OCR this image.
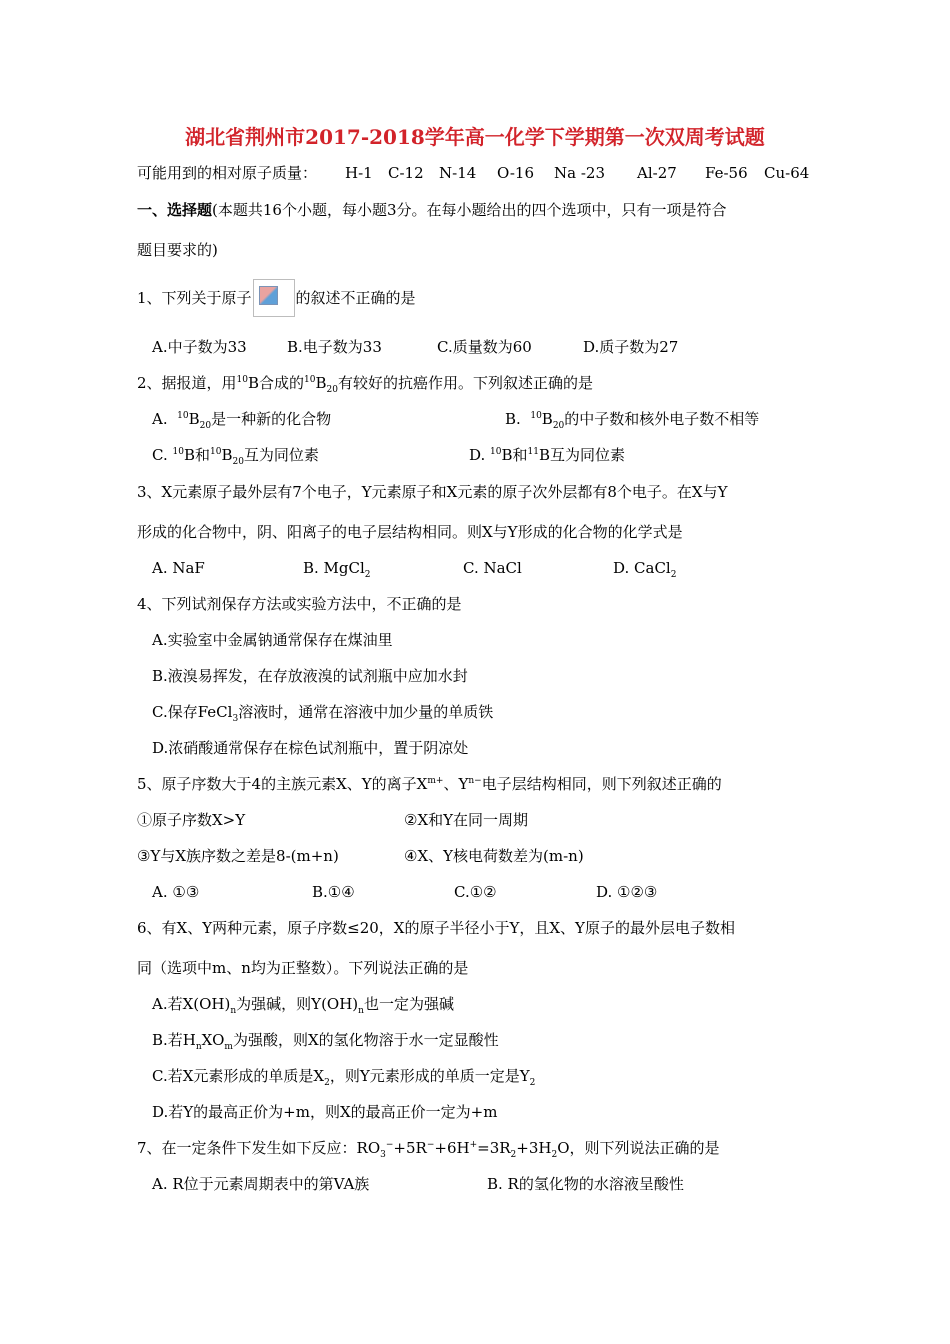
湖北省荆州市2017-2018学年高一化学下学期第一次双周考试题
可能用到的相对原子质量： H-1 C-12 N-14 O-16 Na -23 Al-27 Fe-56 Cu-64
一、选择题(本题共16个小题，每小题3分。在每小题给出的四个选项中，只有一项是符合
题目要求的)
1、下列关于原子	的叙述不正确的是
A.中子数为33	B.电子数为33	C.质量数为60	D.质子数为27
2、据报道，用$^{10}$B合成的$^{10}B_{20}$有较好的抗癌作用。下列叙述正确的是
A. $^{10}B_{20}$是一种新的化合物	B. $^{10}B_{20}$的中子数和核外电子数不相等
C. $^{10}$B和$^{10}B_{20}$互为同位素	D. $^{10}$B和$^{11}$B互为同位素
3、X元素原子最外层有7个电子，Y元素原子和X元素的原子次外层都有8个电子。在X与Y
形成的化合物中，阴、阳离子的电子层结构相同。则X与Y形成的化合物的化学式是
A. NaF	B. MgCl$_2$	C. NaCl	D. CaCl$_2$
4、下列试剂保存方法或实验方法中，不正确的是
A.实验室中金属钠通常保存在煤油里
B.液溴易挥发，在存放液溴的试剂瓶中应加水封
C.保存FeCl$_3$溶液时，通常在溶液中加少量的单质铁
D.浓硝酸通常保存在棕色试剂瓶中，置于阴凉处
5、原子序数大于4的主族元素X、Y的离子$X^{m+}$、$Y^{n-}$电子层结构相同，则下列叙述正确的
①原子序数X>Y	②X和Y在同一周期
③Y与X族序数之差是8-(m+n)	④X、Y核电荷数差为(m-n)
A. ①③	B.①④	C.①②	D. ①②③
6、有X、Y两种元素，原子序数≤20，X的原子半径小于Y，且X、Y原子的最外层电子数相
同（选项中m、n均为正整数）。下列说法正确的是
A.若$X(OH)_n$为强碱，则$Y(OH)_n$也一定为强碱
B.若$H_nXO_m$为强酸，则X的氢化物溶于水一定显酸性
C.若X元素形成的单质是$X_2$，则Y元素形成的单质一定是$Y_2$
D.若Y的最高正价为+m，则X的最高正价一定为+m
7、在一定条件下发生如下反应：$RO_3^-+5R^-+6H^+=3R_2+3H_2O$，则下列说法正确的是
A. R位于元素周期表中的第VA族	B. R的氢化物的水溶液呈酸性
